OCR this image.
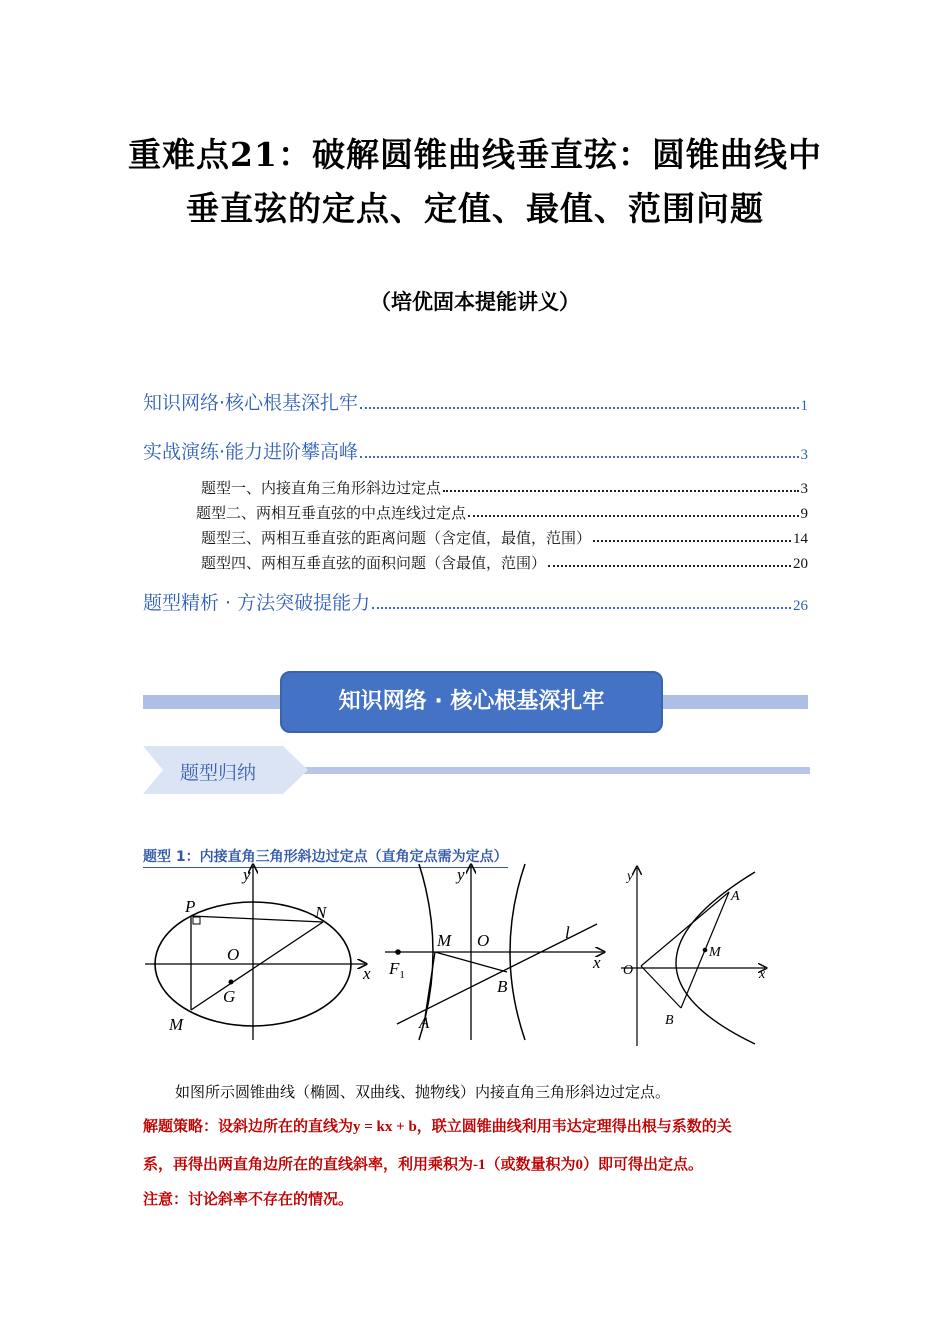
重难点21：破解圆锥曲线垂直弦：圆锥曲线中垂直弦的定点、定值、最值、范围问题
（培优固本提能讲义）
知识网络·核心根基深扎牢	1
实战演练·能力进阶攀高峰	3
题型一、内接直角三角形斜边过定点	3
题型二、两相互垂直弦的中点连线过定点	9
题型三、两相互垂直弦的距离问题（含定值，最值，范围）	14
题型四、两相互垂直弦的面积问题（含最值，范围）	20
题型精析 · 方法突破提能力	26
知识网络 · 核心根基深扎牢
题型归纳
题型 1：内接直角三角形斜边过定点（直角定点需为定点）
y
x
P	N
O
G
M
y
x
M O	l
$F_1$
A
B
y
x
A
M
O
B
如图所示圆锥曲线（椭圆、双曲线、抛物线）内接直角三角形斜边过定点。
解题策略：设斜边所在的直线为y = kx + b，联立圆锥曲线利用韦达定理得出根与系数的关
系，再得出两直角边所在的直线斜率，利用乘积为-1（或数量积为0）即可得出定点。
注意：讨论斜率不存在的情况。
